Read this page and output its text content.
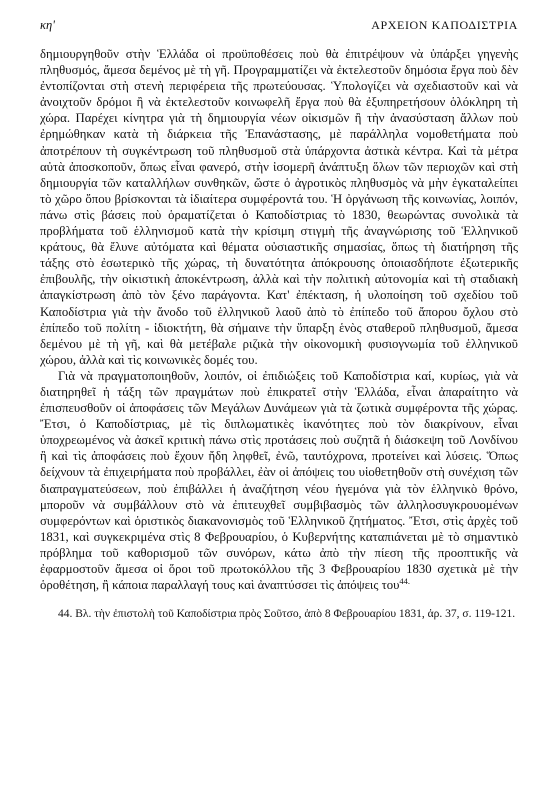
κη'	ΑΡΧΕΙΟΝ ΚΑΠΟΔΙΣΤΡΙΑ

δημιουργηθοῦν στὴν Ἑλλάδα οἱ προϋποθέσεις ποὺ θὰ ἐπιτρέψουν νὰ ὑπάρξει γηγενὴς πληθυσμός, ἄμεσα δεμένος μὲ τὴ γῆ. Προγραμματίζει νὰ ἐκτελεστοῦν δημόσια ἔργα ποὺ δὲν ἐντοπίζονται στὴ στενὴ περιφέρεια τῆς πρωτεύουσας. Ὑπολογίζει νὰ σχεδιαστοῦν καὶ νὰ ἀνοιχτοῦν δρόμοι ἢ νὰ ἐκτελεστοῦν κοινωφελῆ ἔργα ποὺ θὰ ἐξυπηρετήσουν ὁλόκληρη τὴ χώρα. Παρέχει κίνητρα γιὰ τὴ δημιουργία νέων οἰκισμῶν ἢ τὴν ἀνασύσταση ἄλλων ποὺ ἐρημώθηκαν κατὰ τὴ διάρκεια τῆς Ἐπανάστασης, μὲ παράλληλα νομοθετήματα ποὺ ἀποτρέπουν τὴ συγκέντρωση τοῦ πληθυσμοῦ στὰ ὑπάρχοντα ἀστικὰ κέντρα. Καὶ τὰ μέτρα αὐτὰ ἀποσκοποῦν, ὅπως εἶναι φανερό, στὴν ἰσομερῆ ἀνάπτυξη ὅλων τῶν περιοχῶν καὶ στὴ δημιουργία τῶν καταλλήλων συνθηκῶν, ὥστε ὁ ἀγροτικὸς πληθυσμὸς νὰ μὴν ἐγκαταλείπει τὸ χῶρο ὅπου βρίσκονται τὰ ἰδιαίτερα συμφέροντά του. Ἡ ὀργάνωση τῆς κοινωνίας, λοιπόν, πάνω στὶς βάσεις ποὺ ὁραματίζεται ὁ Καποδίστριας τὸ 1830, θεωρώντας συνολικὰ τὰ προβλήματα τοῦ ἑλληνισμοῦ κατὰ τὴν κρίσιμη στιγμὴ τῆς ἀναγνώρισης τοῦ Ἑλληνικοῦ κράτους, θὰ ἔλυνε αὐτόματα καὶ θέματα οὐσιαστικῆς σημασίας, ὅπως τὴ διατήρηση τῆς τάξης στὸ ἐσωτερικὸ τῆς χώρας, τὴ δυνατότητα ἀπόκρουσης ὁποιασδήποτε ἐξωτερικῆς ἐπιβουλῆς, τὴν οἰκιστικὴ ἀποκέντρωση, ἀλλὰ καὶ τὴν πολιτικὴ αὐτονομία καὶ τὴ σταδιακὴ ἀπαγκίστρωση ἀπὸ τὸν ξένο παράγοντα. Κατ' ἐπέκταση, ἡ υλοποίηση τοῦ σχεδίου τοῦ Καποδίστρια γιὰ τὴν ἄνοδο τοῦ ἑλληνικοῦ λαοῦ ἀπὸ τὸ ἐπίπεδο τοῦ ἄπορου ὄχλου στὸ ἐπίπεδο τοῦ πολίτη - ἰδιοκτήτη, θὰ σήμαινε τὴν ὕπαρξη ἑνὸς σταθεροῦ πληθυσμοῦ, ἄμεσα δεμένου μὲ τὴ γῆ, καὶ θὰ μετέβαλε ριζικὰ τὴν οἰκονομικὴ φυσιογνωμία τοῦ ἑλληνικοῦ χώρου, ἀλλὰ καὶ τὶς κοινωνικὲς δομές του.

Γιὰ νὰ πραγματοποιηθοῦν, λοιπόν, οἱ ἐπιδιώξεις τοῦ Καποδίστρια καί, κυρίως, γιὰ νὰ διατηρηθεῖ ἡ τάξη τῶν πραγμάτων ποὺ ἐπικρατεῖ στὴν Ἑλλάδα, εἶναι ἀπαραίτητο νὰ ἐπισπευσθοῦν οἱ ἀποφάσεις τῶν Μεγάλων Δυνάμεων γιὰ τὰ ζωτικὰ συμφέροντα τῆς χώρας. Ἔτσι, ὁ Καποδίστριας, μὲ τὶς διπλωματικὲς ἱκανότητες ποὺ τὸν διακρίνουν, εἶναι ὑποχρεωμένος νὰ ἀσκεῖ κριτικὴ πάνω στὶς προτάσεις ποὺ συζητᾶ ἡ διάσκεψη τοῦ Λονδίνου ἢ καὶ τὶς ἀποφάσεις ποὺ ἔχουν ἤδη ληφθεῖ, ἐνῶ, ταυτόχρονα, προτείνει καὶ λύσεις. Ὅπως δείχνουν τὰ ἐπιχειρήματα ποὺ προβάλλει, ἐὰν οἱ ἀπόψεις του υἱοθετηθοῦν στὴ συνέχιση τῶν διαπραγματεύσεων, ποὺ ἐπιβάλλει ἡ ἀναζήτηση νέου ἡγεμόνα γιὰ τὸν ἑλληνικὸ θρόνο, μποροῦν νὰ συμβάλλουν στὸ νὰ ἐπιτευχθεῖ συμβιβασμὸς τῶν ἀλληλοσυγκρουομένων συμφερόντων καὶ ὁριστικὸς διακανονισμὸς τοῦ Ἑλληνικοῦ ζητήματος. Ἔτσι, στὶς ἀρχὲς τοῦ 1831, καὶ συγκεκριμένα στὶς 8 Φεβρουαρίου, ὁ Κυβερνήτης καταπιάνεται μὲ τὸ σημαντικὸ πρόβλημα τοῦ καθορισμοῦ τῶν συνόρων, κάτω ἀπὸ τὴν πίεση τῆς προοπτικῆς νὰ ἐφαρμοστοῦν ἄμεσα οἱ ὅροι τοῦ πρωτοκόλλου τῆς 3 Φεβρουαρίου 1830 σχετικὰ μὲ τὴν ὁροθέτηση, ἢ κάποια παραλλαγή τους καὶ ἀναπτύσσει τὶς ἀπόψεις του$^{44.}$

44. Βλ. τὴν ἐπιστολὴ τοῦ Καποδίστρια πρὸς Σοῦτσο, ἀπὸ 8 Φεβρουαρίου 1831, ἀρ. 37, σ. 119-121.
